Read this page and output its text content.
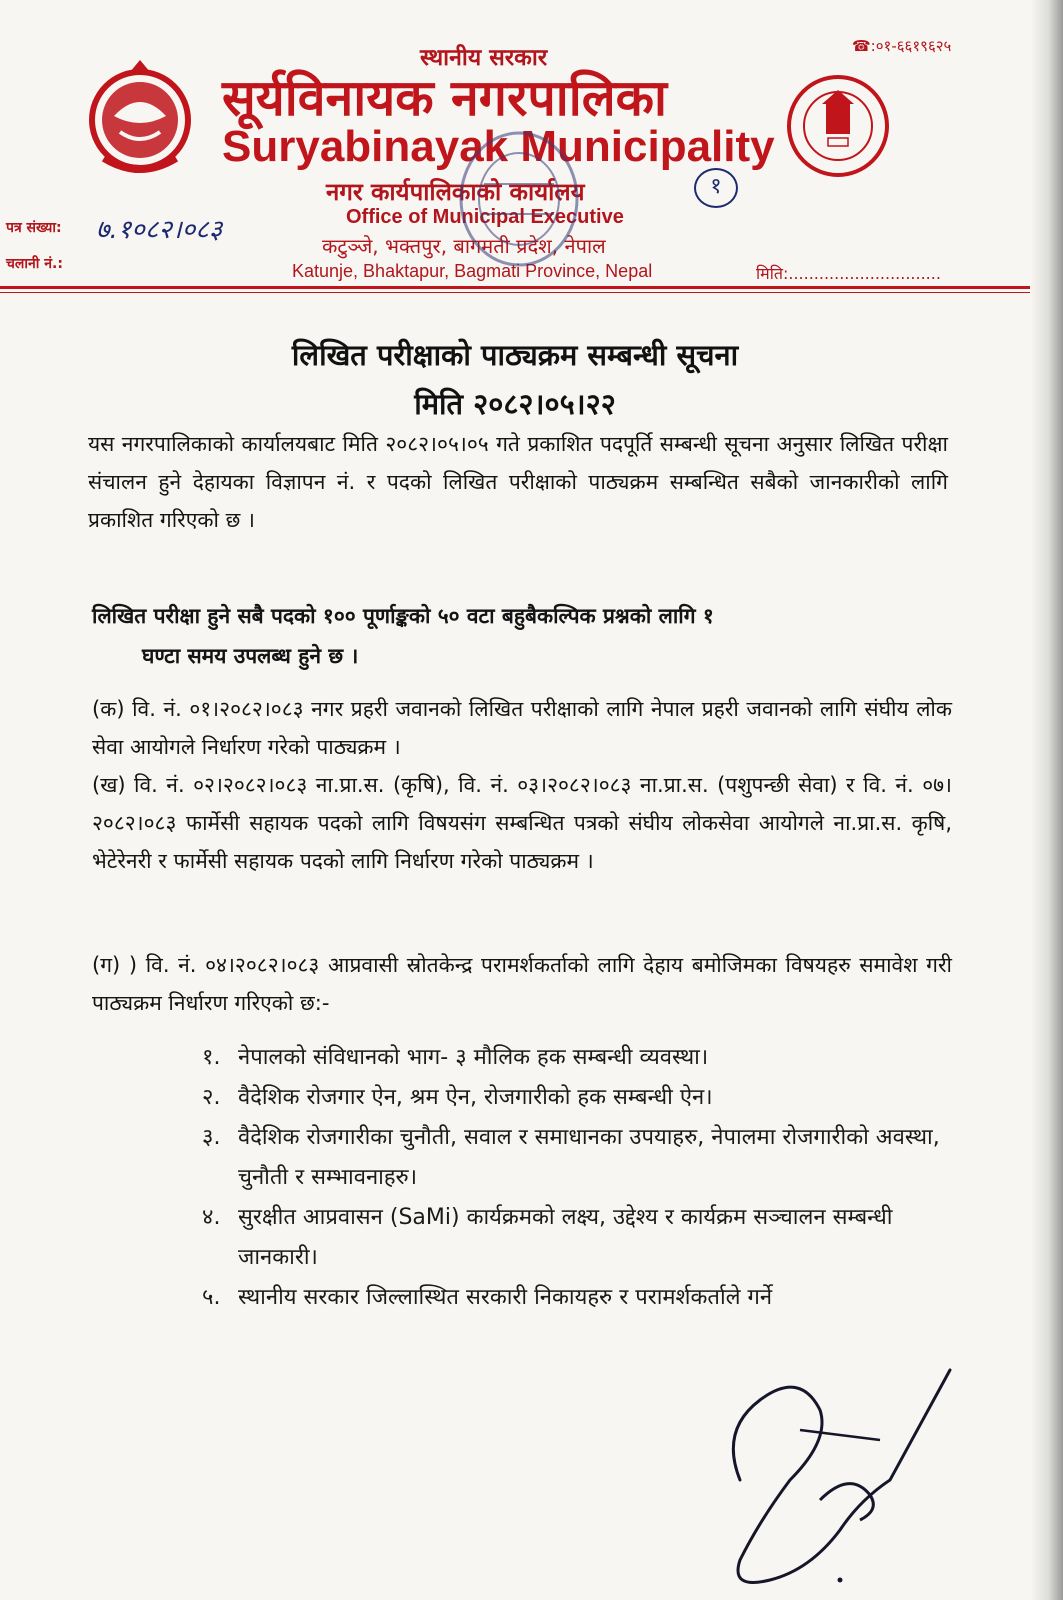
☎:०१-६६१९६२५
स्थानीय सरकार
सूर्यविनायक नगरपालिका
Suryabinayak Municipality
नगर कार्यपालिकाको कार्यालय
Office of Municipal Executive
कटुञ्जे, भक्तपुर, बागमती प्रदेश, नेपाल
Katunje, Bhaktapur, Bagmati Province, Nepal
१
पत्र संख्या: ७.१०८२।०८३
चलानी नं.:	मिति:..............................
लिखित परीक्षाको पाठ्यक्रम सम्बन्धी सूचना
मिति २०८२।०५।२२
यस नगरपालिकाको कार्यालयबाट मिति २०८२।०५।०५ गते प्रकाशित पदपूर्ति सम्बन्धी सूचना अनुसार लिखित परीक्षा संचालन हुने देहायका विज्ञापन नं. र पदको लिखित परीक्षाको पाठ्यक्रम सम्बन्धित सबैको जानकारीको लागि प्रकाशित गरिएको छ ।
लिखित परीक्षा हुने सबै पदको १०० पूर्णाङ्कको ५० वटा बहुबैकल्पिक प्रश्नको लागि १
घण्टा समय उपलब्ध हुने छ ।
(क) वि. नं. ०१।२०८२।०८३ नगर प्रहरी जवानको लिखित परीक्षाको लागि नेपाल प्रहरी जवानको लागि संघीय लोक सेवा आयोगले निर्धारण गरेको पाठ्यक्रम ।
(ख) वि. नं. ०२।२०८२।०८३ ना.प्रा.स. (कृषि), वि. नं. ०३।२०८२।०८३ ना.प्रा.स. (पशुपन्छी सेवा) र वि. नं. ०७।२०८२।०८३ फार्मेसी सहायक पदको लागि विषयसंग सम्बन्धित पत्रको संघीय लोकसेवा आयोगले ना.प्रा.स. कृषि, भेटेरेनरी र फार्मेसी सहायक पदको लागि निर्धारण गरेको पाठ्यक्रम ।
(ग) ) वि. नं. ०४।२०८२।०८३ आप्रवासी स्रोतकेन्द्र परामर्शकर्ताको लागि देहाय बमोजिमका विषयहरु समावेश गरी पाठ्यक्रम निर्धारण गरिएको छ:-
१. नेपालको संविधानको भाग- ३ मौलिक हक सम्बन्धी व्यवस्था।
२. वैदेशिक रोजगार ऐन, श्रम ऐन, रोजगारीको हक सम्बन्धी ऐन।
३. वैदेशिक रोजगारीका चुनौती, सवाल र समाधानका उपयाहरु, नेपालमा रोजगारीको अवस्था, चुनौती र सम्भावनाहरु।
४. सुरक्षीत आप्रवासन (SaMi) कार्यक्रमको लक्ष्य, उद्देश्य र कार्यक्रम सञ्चालन सम्बन्धी जानकारी।
५. स्थानीय सरकार जिल्लास्थित सरकारी निकायहरु र परामर्शकर्ताले गर्ने
